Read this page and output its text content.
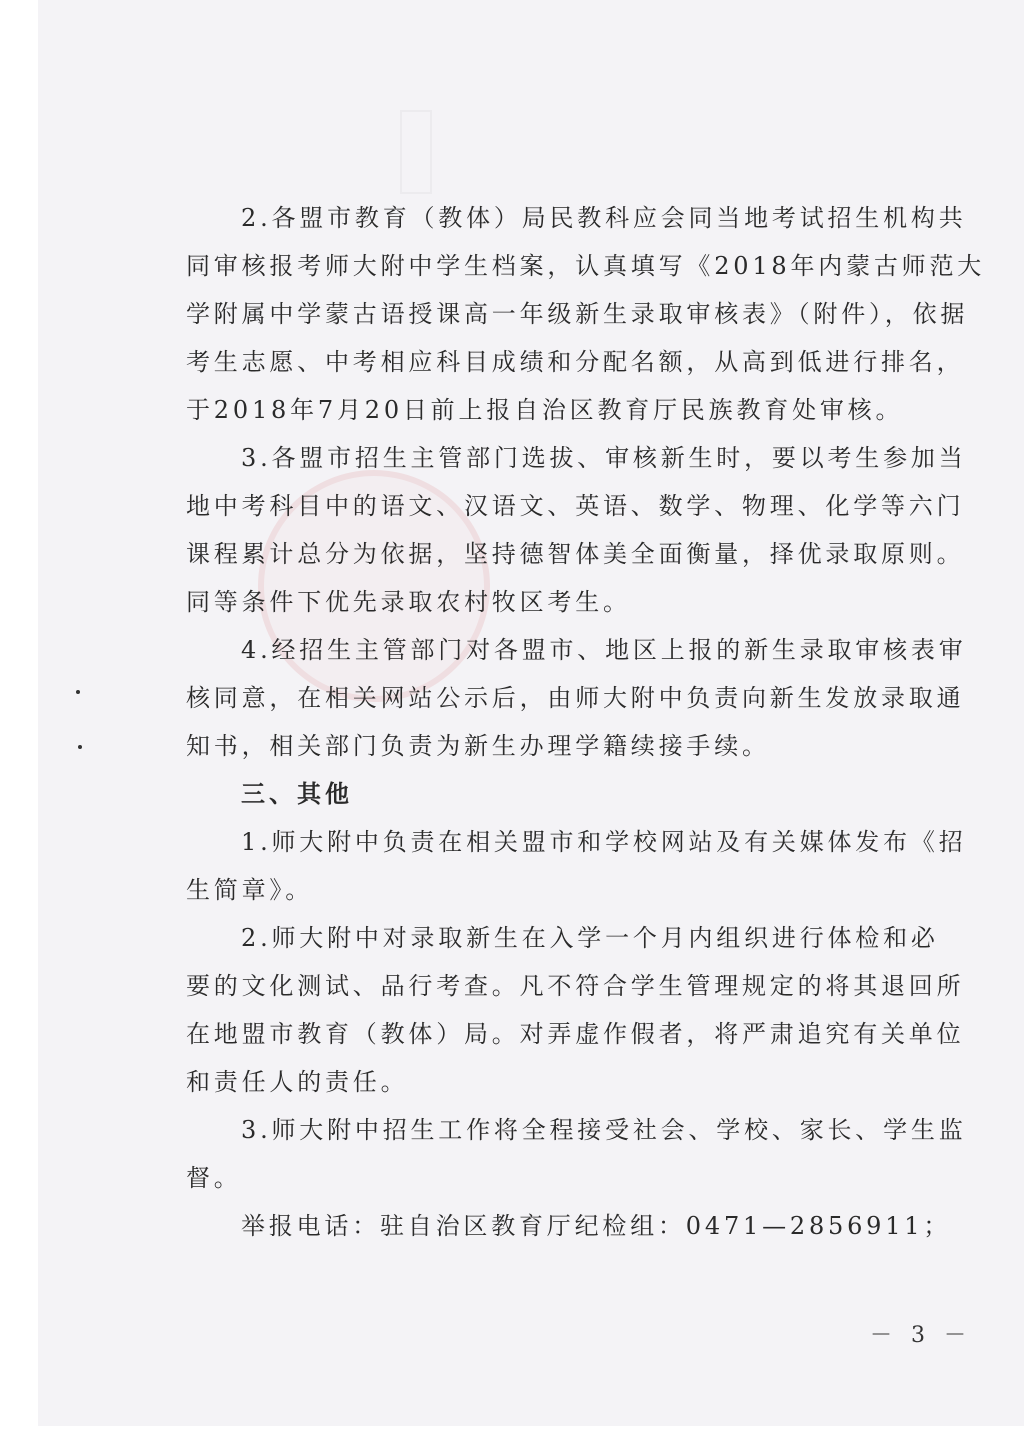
2.各盟市教育（教体）局民教科应会同当地考试招生机构共
同审核报考师大附中学生档案，认真填写《2018年内蒙古师范大
学附属中学蒙古语授课高一年级新生录取审核表》（附件），依据
考生志愿、中考相应科目成绩和分配名额，从高到低进行排名，
于2018年7月20日前上报自治区教育厅民族教育处审核。
3.各盟市招生主管部门选拔、审核新生时，要以考生参加当
地中考科目中的语文、汉语文、英语、数学、物理、化学等六门
课程累计总分为依据，坚持德智体美全面衡量，择优录取原则。
同等条件下优先录取农村牧区考生。
4.经招生主管部门对各盟市、地区上报的新生录取审核表审
核同意，在相关网站公示后，由师大附中负责向新生发放录取通
知书，相关部门负责为新生办理学籍续接手续。
三、其他
1.师大附中负责在相关盟市和学校网站及有关媒体发布《招
生简章》。
2.师大附中对录取新生在入学一个月内组织进行体检和必
要的文化测试、品行考查。凡不符合学生管理规定的将其退回所
在地盟市教育（教体）局。对弄虚作假者，将严肃追究有关单位
和责任人的责任。
3.师大附中招生工作将全程接受社会、学校、家长、学生监
督。
举报电话：驻自治区教育厅纪检组：0471—2856911；
－ 3 －
